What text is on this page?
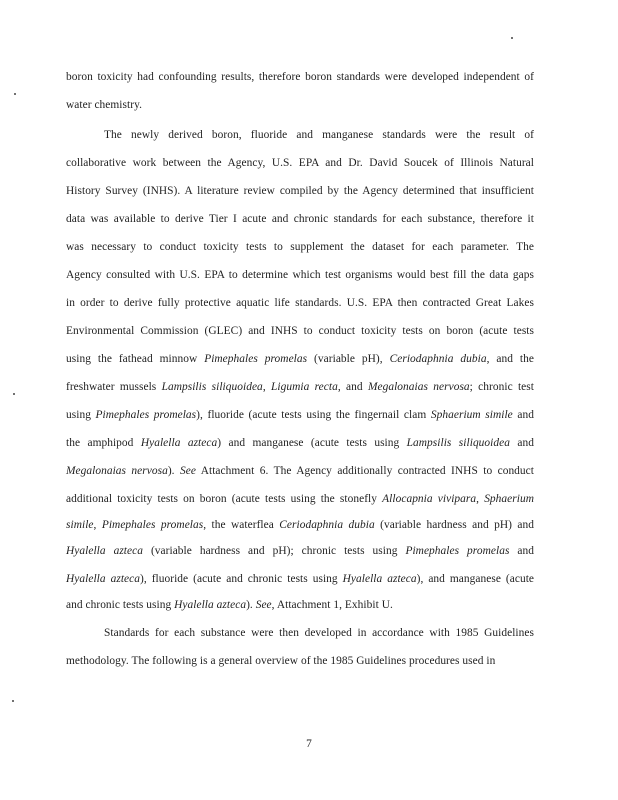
boron toxicity had confounding results, therefore boron standards were developed independent of
water chemistry.
The newly derived boron, fluoride and manganese standards were the result of
collaborative work between the Agency, U.S. EPA and Dr. David Soucek of Illinois Natural
History Survey (INHS). A literature review compiled by the Agency determined that insufficient
data was available to derive Tier I acute and chronic standards for each substance, therefore it
was necessary to conduct toxicity tests to supplement the dataset for each parameter. The
Agency consulted with U.S. EPA to determine which test organisms would best fill the data gaps
in order to derive fully protective aquatic life standards. U.S. EPA then contracted Great Lakes
Environmental Commission (GLEC) and INHS to conduct toxicity tests on boron (acute tests
using the fathead minnow Pimephales promelas (variable pH), Ceriodaphnia dubia, and the
freshwater mussels Lampsilis siliquoidea, Ligumia recta, and Megalonaias nervosa; chronic test
using Pimephales promelas), fluoride (acute tests using the fingernail clam Sphaerium simile and
the amphipod Hyalella azteca) and manganese (acute tests using Lampsilis siliquoidea and
Megalonaias nervosa). See Attachment 6. The Agency additionally contracted INHS to conduct
additional toxicity tests on boron (acute tests using the stonefly Allocapnia vivipara, Sphaerium
simile, Pimephales promelas, the waterflea Ceriodaphnia dubia (variable hardness and pH) and
Hyalella azteca (variable hardness and pH); chronic tests using Pimephales promelas and
Hyalella azteca), fluoride (acute and chronic tests using Hyalella azteca), and manganese (acute
and chronic tests using Hyalella azteca). See, Attachment 1, Exhibit U.
Standards for each substance were then developed in accordance with 1985 Guidelines
methodology. The following is a general overview of the 1985 Guidelines procedures used in
7
